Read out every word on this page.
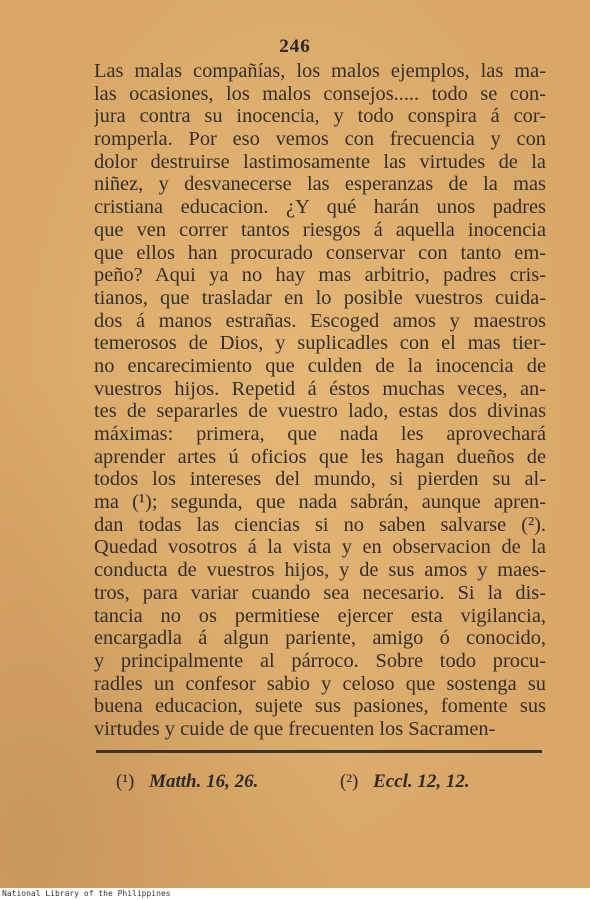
246
Las malas compañías, los malos ejemplos, las ma-
las ocasiones, los malos consejos..... todo se con-
jura contra su inocencia, y todo conspira á cor-
romperla. Por eso vemos con frecuencia y con
dolor destruirse lastimosamente las virtudes de la
niñez, y desvanecerse las esperanzas de la mas
cristiana educacion. ¿Y qué harán unos padres
que ven correr tantos riesgos á aquella inocencia
que ellos han procurado conservar con tanto em-
peño? Aqui ya no hay mas arbitrio, padres cris-
tianos, que trasladar en lo posible vuestros cuida-
dos á manos estrañas. Escoged amos y maestros
temerosos de Dios, y suplicadles con el mas tier-
no encarecimiento que culden de la inocencia de
vuestros hijos. Repetid á éstos muchas veces, an-
tes de separarles de vuestro lado, estas dos divinas
máximas: primera, que nada les aprovechará
aprender artes ú oficios que les hagan dueños de
todos los intereses del mundo, si pierden su al-
ma (¹); segunda, que nada sabrán, aunque apren-
dan todas las ciencias si no saben salvarse (²).
Quedad vosotros á la vista y en observacion de la
conducta de vuestros hijos, y de sus amos y maes-
tros, para variar cuando sea necesario. Si la dis-
tancia no os permitiese ejercer esta vigilancia,
encargadla á algun pariente, amigo ó conocido,
y principalmente al párroco. Sobre todo procu-
radles un confesor sabio y celoso que sostenga su
buena educacion, sujete sus pasiones, fomente sus
virtudes y cuide de que frecuenten los Sacramen-
(¹) Matth. 16, 26.	(²) Eccl. 12, 12.
National Library of the Philippines
